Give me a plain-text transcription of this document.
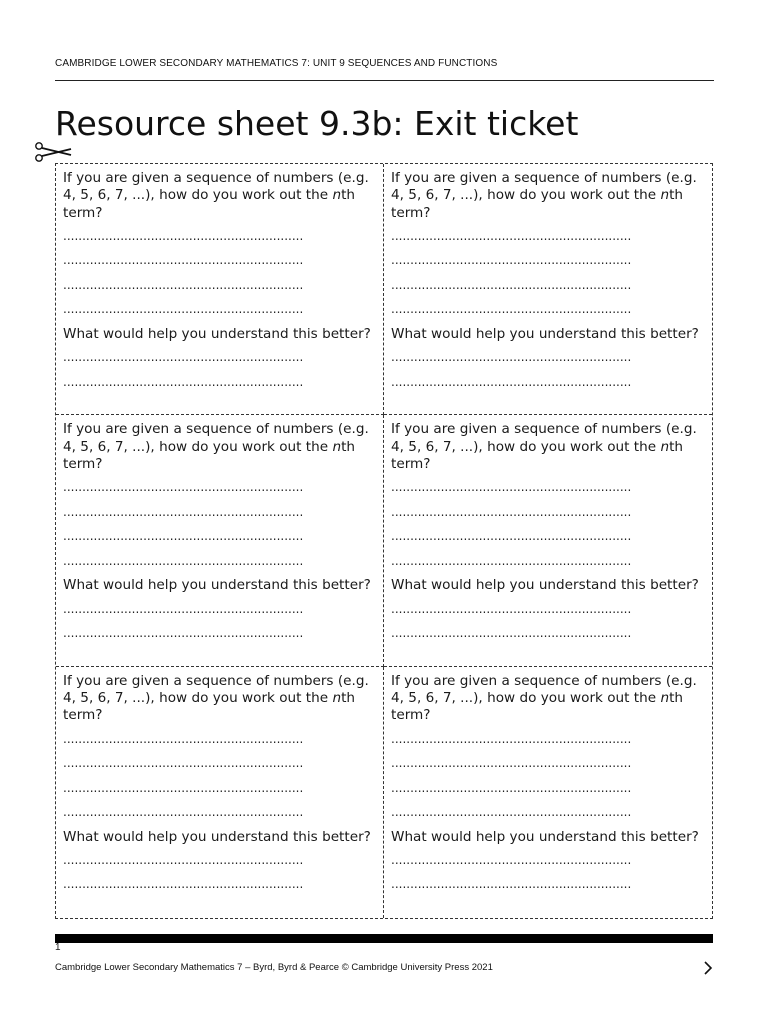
CAMBRIDGE LOWER SECONDARY MATHEMATICS 7: UNIT 9 SEQUENCES AND FUNCTIONS
Resource sheet 9.3b: Exit ticket

If you are given a sequence of numbers (e.g. 4, 5, 6, 7, ...), how do you work out the nth term?

...............................................................
...............................................................
...............................................................
...............................................................

What would help you understand this better?

...............................................................
...............................................................

If you are given a sequence of numbers (e.g. 4, 5, 6, 7, ...), how do you work out the nth term?

...............................................................
...............................................................
...............................................................
...............................................................

What would help you understand this better?

...............................................................
...............................................................

If you are given a sequence of numbers (e.g. 4, 5, 6, 7, ...), how do you work out the nth term?

...............................................................
...............................................................
...............................................................
...............................................................

What would help you understand this better?

...............................................................
...............................................................

If you are given a sequence of numbers (e.g. 4, 5, 6, 7, ...), how do you work out the nth term?

...............................................................
...............................................................
...............................................................
...............................................................

What would help you understand this better?

...............................................................
...............................................................

If you are given a sequence of numbers (e.g. 4, 5, 6, 7, ...), how do you work out the nth term?

...............................................................
...............................................................
...............................................................
...............................................................

What would help you understand this better?

...............................................................
...............................................................

If you are given a sequence of numbers (e.g. 4, 5, 6, 7, ...), how do you work out the nth term?

...............................................................
...............................................................
...............................................................
...............................................................

What would help you understand this better?

...............................................................
...............................................................
1
Cambridge Lower Secondary Mathematics 7 – Byrd, Byrd & Pearce © Cambridge University Press 2021
